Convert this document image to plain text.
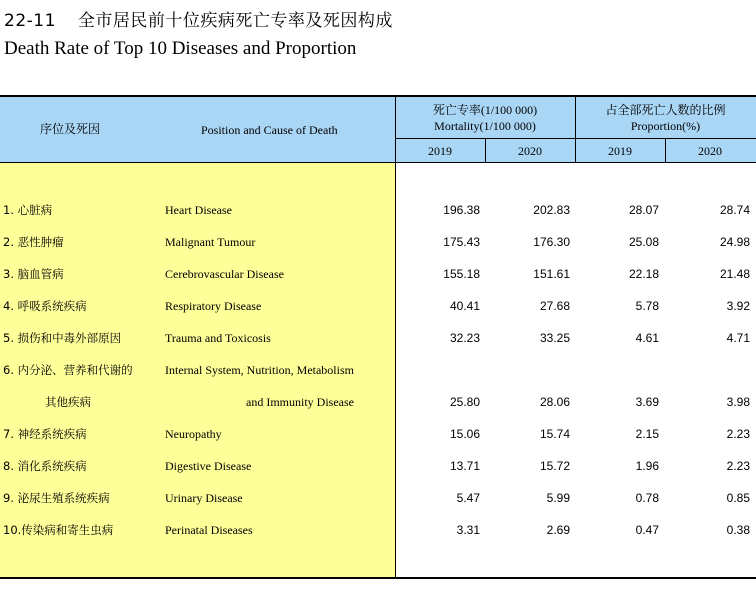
22-11 全市居民前十位疾病死亡专率及死因构成
Death Rate of Top 10 Diseases and Proportion
序位及死因	Position and Cause of Death
死亡专率(1/100 000)
Mortality(1/100 000)
占全部死亡人数的比例
Proportion(%)
2019	2020	2019	2020
1. 心脏病	Heart Disease	196.38	202.83	28.07	28.74
2. 恶性肿瘤	Malignant Tumour	175.43	176.30	25.08	24.98
3. 脑血管病	Cerebrovascular Disease	155.18	151.61	22.18	21.48
4. 呼吸系统疾病	Respiratory Disease	40.41	27.68	5.78	3.92
5. 损伤和中毒外部原因	Trauma and Toxicosis	32.23	33.25	4.61	4.71
6. 内分泌、营养和代谢的	Internal System, Nutrition, Metabolism
其他疾病	and Immunity Disease	25.80	28.06	3.69	3.98
7. 神经系统疾病	Neuropathy	15.06	15.74	2.15	2.23
8. 消化系统疾病	Digestive Disease	13.71	15.72	1.96	2.23
9. 泌尿生殖系统疾病	Urinary Disease	5.47	5.99	0.78	0.85
10.传染病和寄生虫病	Perinatal Diseases	3.31	2.69	0.47	0.38
